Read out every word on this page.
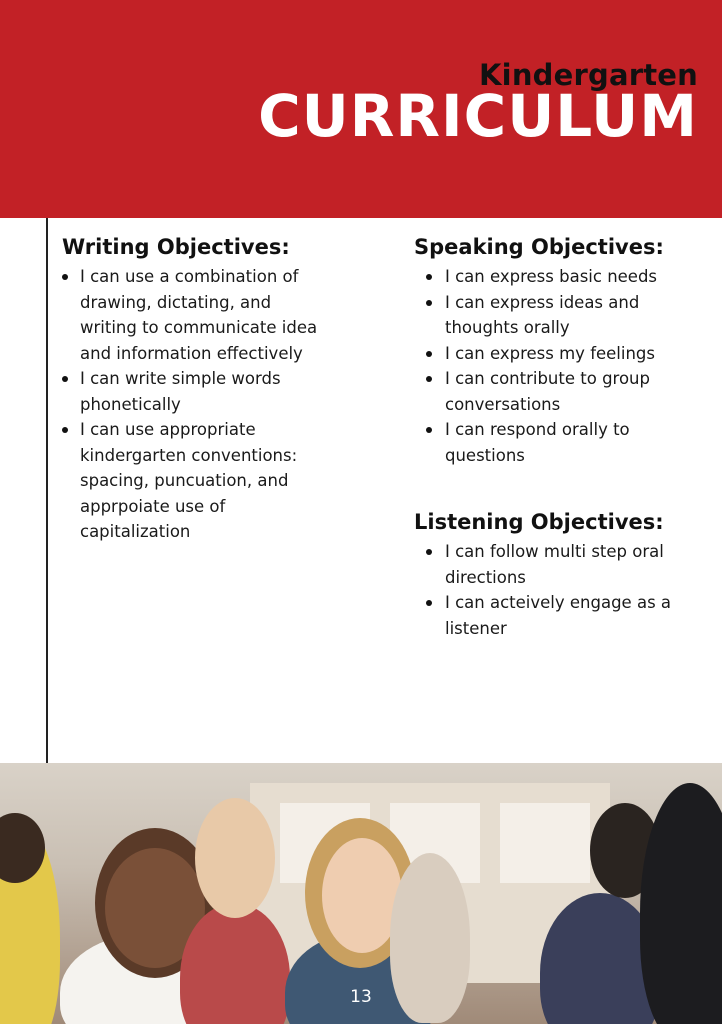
Kindergarten
CURRICULUM
Writing Objectives:
I can use a combination of drawing, dictating, and writing to communicate idea and information effectively
I can write simple words phonetically
I can use appropriate kindergarten conventions: spacing, puncuation, and apprpoiate use of capitalization
Speaking Objectives:
I can express basic needs
I can express ideas and thoughts orally
I can express my feelings
I can contribute to group conversations
I can respond orally to questions
Listening Objectives:
I can follow multi step oral directions
I can acteively engage as a listener
13
